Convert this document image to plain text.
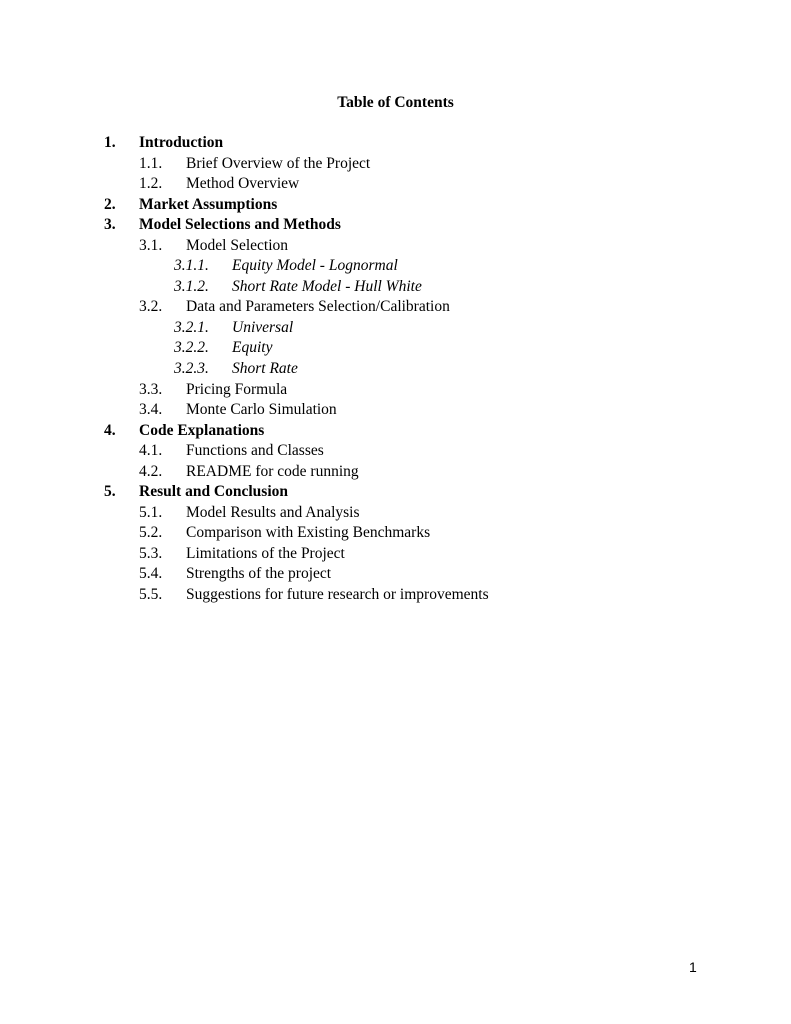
Table of Contents
1. Introduction
1.1. Brief Overview of the Project
1.2. Method Overview
2. Market Assumptions
3. Model Selections and Methods
3.1. Model Selection
3.1.1. Equity Model - Lognormal
3.1.2. Short Rate Model - Hull White
3.2. Data and Parameters Selection/Calibration
3.2.1. Universal
3.2.2. Equity
3.2.3. Short Rate
3.3. Pricing Formula
3.4. Monte Carlo Simulation
4. Code Explanations
4.1. Functions and Classes
4.2. README for code running
5. Result and Conclusion
5.1. Model Results and Analysis
5.2. Comparison with Existing Benchmarks
5.3. Limitations of the Project
5.4. Strengths of the project
5.5. Suggestions for future research or improvements
1
